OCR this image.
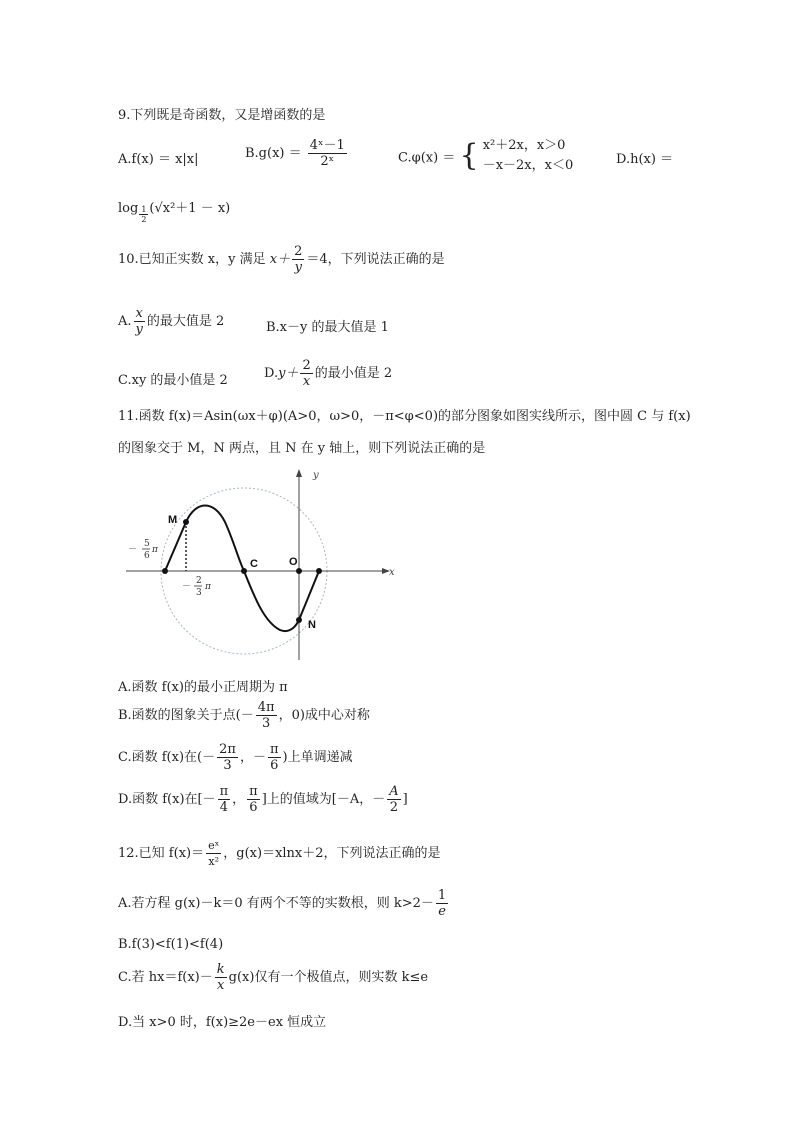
9.下列既是奇函数，又是增函数的是
A.f(x) ＝ x|x|	$B.g(x) = \frac{\text{4ˣ－1}}{\text{2ˣ}}$	C.φ(x) ＝ { x²＋2x，x＞0
－x－2x，x＜0	D.h(x) ＝
$\log \frac{1}{2} (√x^2+1 - x)$
10.已知正实数 x，y 满足 $x+ \frac{2}{y} =4$，下列说法正确的是
A. $\frac{x}{y}$ 的最大值是 2	B.x－y 的最大值是 1
C.xy 的最小值是 2	$D.y+ \frac{2}{x}$ 的最小值是 2
11.函数 f(x)＝Asin(ωx＋φ)(A>0，ω>0，－π<φ<0)的部分图象如图实线所示，图中圆 C 与 f(x)
的图象交于 M，N 两点，且 N 在 y 轴上，则下列说法正确的是
y
x
M
C	O
N
－
5
6
π
－
2
3
π
A.函数 f(x)的最小正周期为 π
B.函数的图象关于点(－ $\frac{4\pi}{3}$ ，0)成中心对称
C.函数 f(x)在(－ $\frac{2\pi}{3}$ ，－ $\frac{\pi}{6}$ )上单调递减
D.函数 f(x)在[－ $\frac{\pi}{4}$ ， $\frac{\pi}{6}$ ]上的值域为[－A，－ $\frac{A}{2}$ ]
12.已知 $f(x)= \frac{\text{eˣ}}{\text{x²}}$ ，g(x)＝xlnx＋2，下列说法正确的是
A.若方程 g(x)－k＝0 有两个不等的实数根，则 $k>2- \frac{1}{e}$
B.f(3)<f(1)<f(4)
C.若 $hx=f(x)- \frac{k}{x} g(x)$仅有一个极值点，则实数 k≤e
D.当 x>0 时，f(x)≥2e－ex 恒成立
